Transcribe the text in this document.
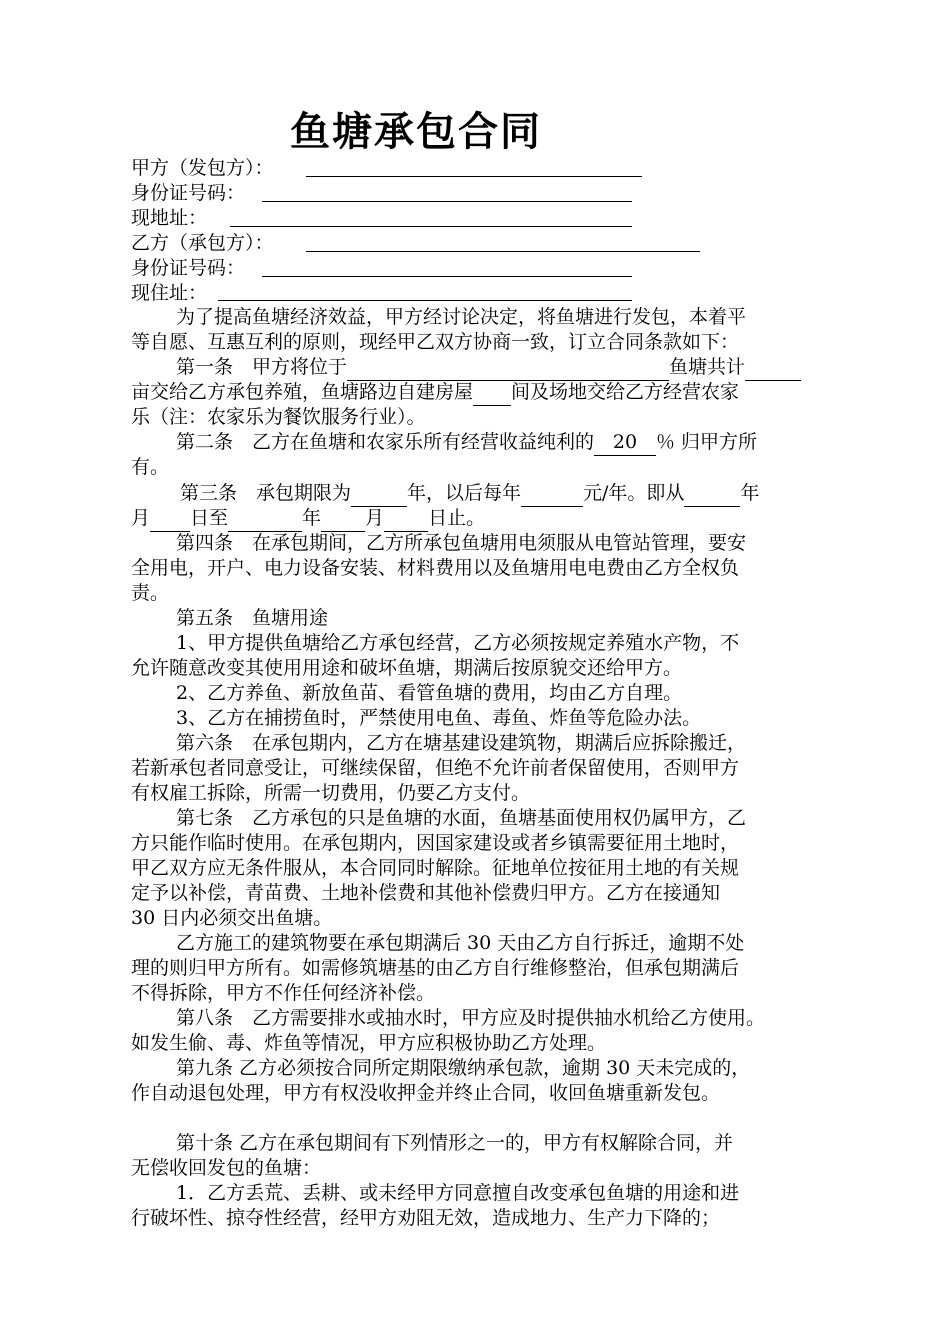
鱼塘承包合同
甲方（发包方）：
身份证号码：
现地址：
乙方（承包方）：
身份证号码：
现住址：
为了提高鱼塘经济效益，甲方经讨论决定，将鱼塘进行发包，本着平
等自愿、互惠互利的原则，现经甲乙双方协商一致，订立合同条款如下：
第一条　甲方将位于	鱼塘共计
亩交给乙方承包养殖，鱼塘路边自建房屋 间及场地交给乙方经营农家
乐（注：农家乐为餐饮服务行业）。
第二条　乙方在鱼塘和农家乐所有经营收益纯利的 20 ％ 归甲方所
有。
第三条　承包期限为	年，以后每年	元/年。即从	年
月 日至	年 月 日止。
第四条　在承包期间，乙方所承包鱼塘用电须服从电管站管理，要安
全用电，开户、电力设备安装、材料费用以及鱼塘用电电费由乙方全权负
责。
第五条　鱼塘用途
1、甲方提供鱼塘给乙方承包经营，乙方必须按规定养殖水产物，不
允许随意改变其使用用途和破坏鱼塘，期满后按原貌交还给甲方。
2、乙方养鱼、新放鱼苗、看管鱼塘的费用，均由乙方自理。
3、乙方在捕捞鱼时，严禁使用电鱼、毒鱼、炸鱼等危险办法。
第六条　在承包期内，乙方在塘基建设建筑物，期满后应拆除搬迁，
若新承包者同意受让，可继续保留，但绝不允许前者保留使用，否则甲方
有权雇工拆除，所需一切费用，仍要乙方支付。
第七条　乙方承包的只是鱼塘的水面，鱼塘基面使用权仍属甲方，乙
方只能作临时使用。在承包期内，因国家建设或者乡镇需要征用土地时，
甲乙双方应无条件服从，本合同同时解除。征地单位按征用土地的有关规
定予以补偿，青苗费、土地补偿费和其他补偿费归甲方。乙方在接通知
30 日内必须交出鱼塘。
乙方施工的建筑物要在承包期满后 30 天由乙方自行拆迁，逾期不处
理的则归甲方所有。如需修筑塘基的由乙方自行维修整治，但承包期满后
不得拆除，甲方不作任何经济补偿。
第八条　乙方需要排水或抽水时，甲方应及时提供抽水机给乙方使用。
如发生偷、毒、炸鱼等情况，甲方应积极协助乙方处理。
第九条 乙方必须按合同所定期限缴纳承包款，逾期 30 天未完成的，
作自动退包处理，甲方有权没收押金并终止合同，收回鱼塘重新发包。
第十条 乙方在承包期间有下列情形之一的，甲方有权解除合同，并
无偿收回发包的鱼塘：
1．乙方丢荒、丢耕、或未经甲方同意擅自改变承包鱼塘的用途和进
行破坏性、掠夺性经营，经甲方劝阻无效，造成地力、生产力下降的；
